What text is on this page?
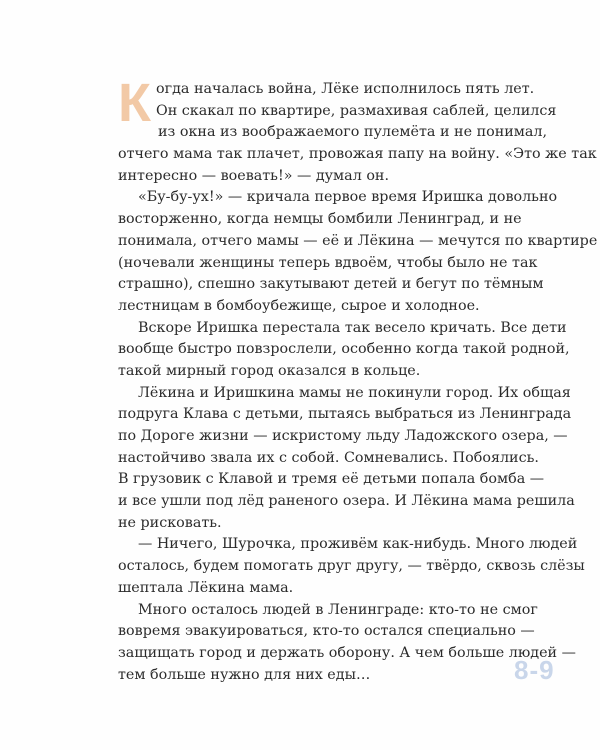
К огда началась война, Лёке исполнилось пять лет.
Он скакал по квартире, размахивая саблей, целился
из окна из воображаемого пулемёта и не понимал,
отчего мама так плачет, провожая папу на войну. «Это же так
интересно — воевать!» — думал он.
«Бу-бу-ух!» — кричала первое время Иришка довольно
восторженно, когда немцы бомбили Ленинград, и не
понимала, отчего мамы — её и Лёкина — мечутся по квартире
(ночевали женщины теперь вдвоём, чтобы было не так
страшно), спешно закутывают детей и бегут по тёмным
лестницам в бомбоубежище, сырое и холодное.
Вскоре Иришка перестала так весело кричать. Все дети
вообще быстро повзрослели, особенно когда такой родной,
такой мирный город оказался в кольце.
Лёкина и Иришкина мамы не покинули город. Их общая
подруга Клава с детьми, пытаясь выбраться из Ленинграда
по Дороге жизни — искристому льду Ладожского озера, —
настойчиво звала их с собой. Сомневались. Побоялись.
В грузовик с Клавой и тремя её детьми попала бомба —
и все ушли под лёд раненого озера. И Лёкина мама решила
не рисковать.
— Ничего, Шурочка, проживём как-нибудь. Много людей
осталось, будем помогать друг другу, — твёрдо, сквозь слёзы
шептала Лёкина мама.
Много осталось людей в Ленинграде: кто-то не смог
вовремя эвакуироваться, кто-то остался специально —
защищать город и держать оборону. А чем больше людей —
тем больше нужно для них еды…	8-9
